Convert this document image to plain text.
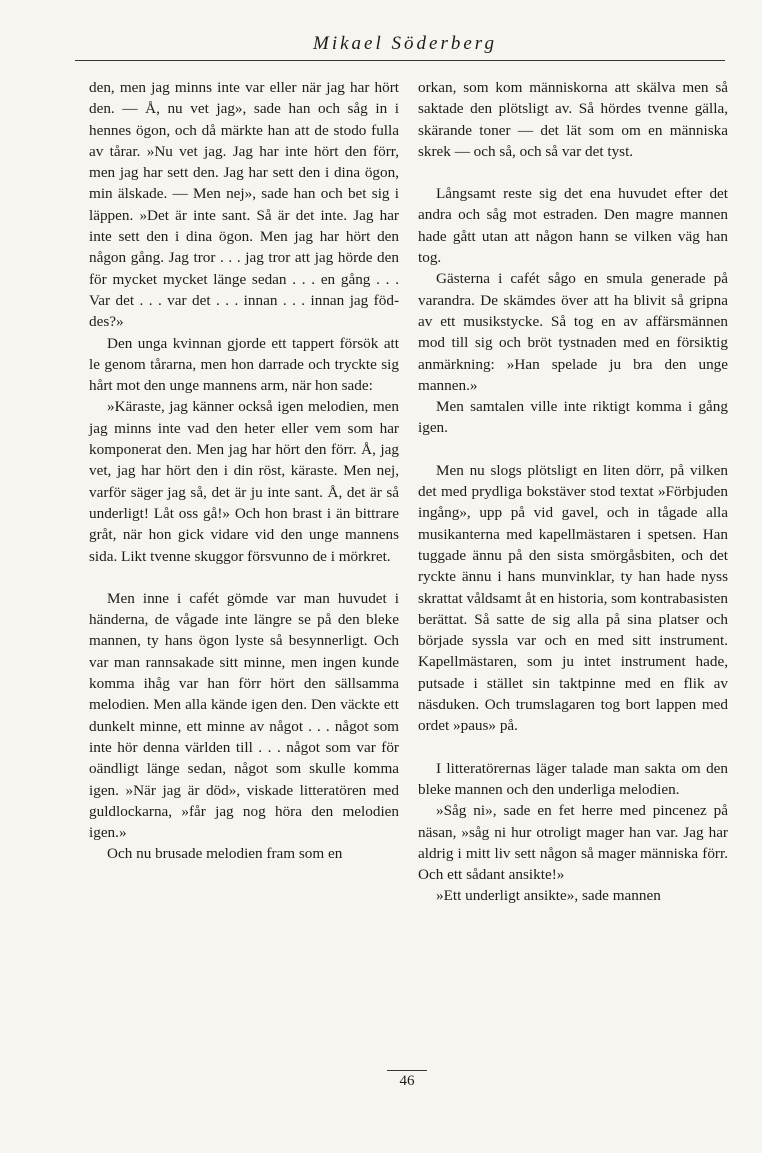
Mikael Söderberg

den, men jag minns inte var eller när jag har hört den. — Å, nu vet jag», sade han och såg in i hennes ögon, och då märkte han att de stodo fulla av tårar. »Nu vet jag. Jag har inte hört den förr, men jag har sett den. Jag har sett den i dina ögon, min älskade. — Men nej», sade han och bet sig i läppen. »Det är inte sant. Så är det inte. Jag har inte sett den i dina ögon. Men jag har hört den någon gång. Jag tror . . . jag tror att jag hörde den för mycket mycket länge sedan . . . en gång . . . Var det . . . var det . . . innan . . . innan jag föddes?»

Den unga kvinnan gjorde ett tappert försök att le genom tårarna, men hon darrade och tryckte sig hårt mot den unge mannens arm, när hon sade:

»Käraste, jag känner också igen melodien, men jag minns inte vad den heter eller vem som har komponerat den. Men jag har hört den förr. Å, jag vet, jag har hört den i din röst, käraste. Men nej, varför säger jag så, det är ju inte sant. Å, det är så underligt! Låt oss gå!» Och hon brast i än bittrare gråt, när hon gick vidare vid den unge mannens sida. Likt tvenne skuggor försvunno de i mörkret.

Men inne i cafét gömde var man huvudet i händerna, de vågade inte längre se på den bleke mannen, ty hans ögon lyste så besynnerligt. Och var man rannsakade sitt minne, men ingen kunde komma ihåg var han förr hört den sällsamma melodien. Men alla kände igen den. Den väckte ett dunkelt minne, ett minne av något . . . något som inte hör denna världen till . . . något som var för oändligt länge sedan, något som skulle komma igen. »När jag är död», viskade litteratören med guldlockarna, »får jag nog höra den melodien igen.»

Och nu brusade melodien fram som en

orkan, som kom människorna att skälva men så saktade den plötsligt av. Så hördes tvenne gälla, skärande toner — det lät som om en människa skrek — och så, och så var det tyst.

Långsamt reste sig det ena huvudet efter det andra och såg mot estraden. Den magre mannen hade gått utan att någon hann se vilken väg han tog.

Gästerna i cafét sågo en smula generade på varandra. De skämdes över att ha blivit så gripna av ett musikstycke. Så tog en av affärsmännen mod till sig och bröt tystnaden med en försiktig anmärkning: »Han spelade ju bra den unge mannen.»

Men samtalen ville inte riktigt komma i gång igen.

Men nu slogs plötsligt en liten dörr, på vilken det med prydliga bokstäver stod textat »Förbjuden ingång», upp på vid gavel, och in tågade alla musikanterna med kapellmästaren i spetsen. Han tuggade ännu på den sista smörgåsbiten, och det ryckte ännu i hans munvinklar, ty han hade nyss skrattat våldsamt åt en historia, som kontrabasisten berättat. Så satte de sig alla på sina platser och började syssla var och en med sitt instrument. Kapellmästaren, som ju intet instrument hade, putsade i stället sin taktpinne med en flik av näsduken. Och trumslagaren tog bort lappen med ordet »paus» på.

I litteratörernas läger talade man sakta om den bleke mannen och den underliga melodien.

»Såg ni», sade en fet herre med pincenez på näsan, »såg ni hur otroligt mager han var. Jag har aldrig i mitt liv sett någon så mager människa förr. Och ett sådant ansikte!»

»Ett underligt ansikte», sade mannen

46
